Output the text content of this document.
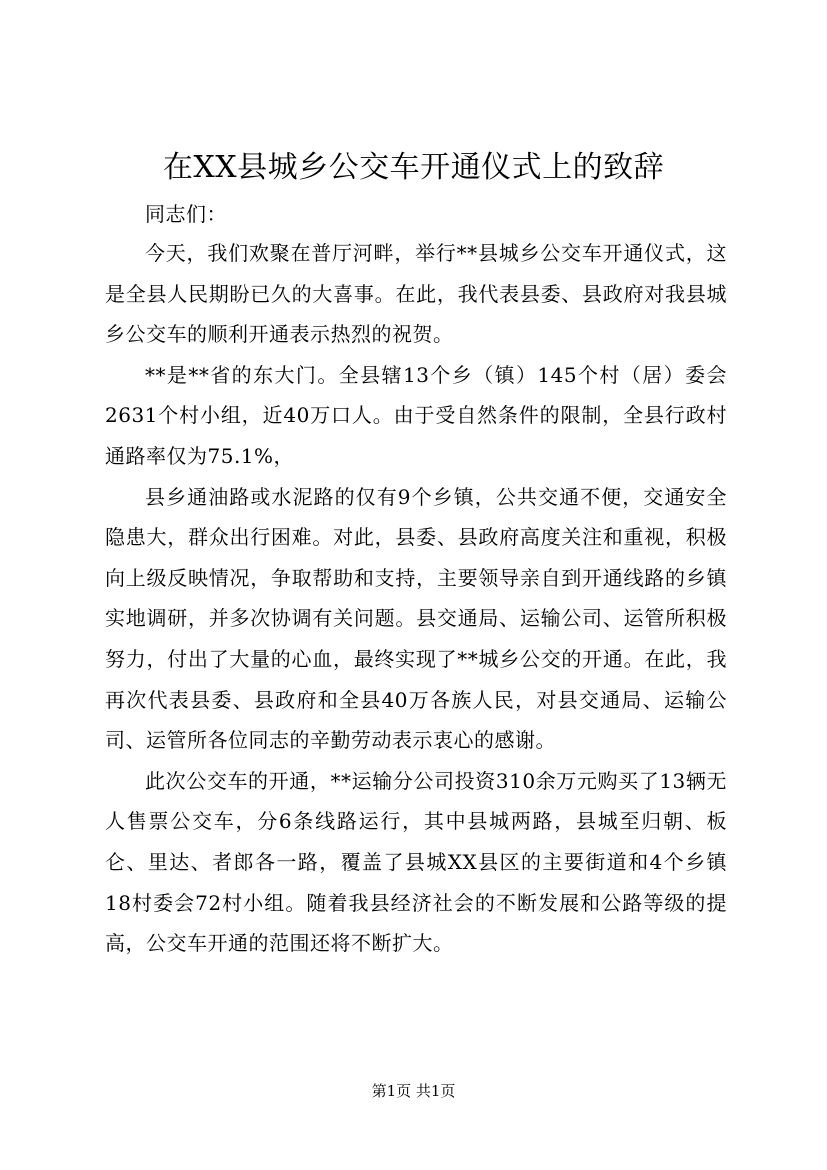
在XX县城乡公交车开通仪式上的致辞
同志们：

今天，我们欢聚在普厅河畔，举行**县城乡公交车开通仪式，这是全县人民期盼已久的大喜事。在此，我代表县委、县政府对我县城乡公交车的顺利开通表示热烈的祝贺。

**是**省的东大门。全县辖13个乡（镇）145个村（居）委会2631个村小组，近40万口人。由于受自然条件的限制，全县行政村通路率仅为75.1%，

县乡通油路或水泥路的仅有9个乡镇，公共交通不便，交通安全隐患大，群众出行困难。对此，县委、县政府高度关注和重视，积极向上级反映情况，争取帮助和支持，主要领导亲自到开通线路的乡镇实地调研，并多次协调有关问题。县交通局、运输公司、运管所积极努力，付出了大量的心血，最终实现了**城乡公交的开通。在此，我再次代表县委、县政府和全县40万各族人民，对县交通局、运输公司、运管所各位同志的辛勤劳动表示衷心的感谢。

此次公交车的开通，**运输分公司投资310余万元购买了13辆无人售票公交车，分6条线路运行，其中县城两路，县城至归朝、板仑、里达、者郎各一路，覆盖了县城XX县区的主要街道和4个乡镇18村委会72村小组。随着我县经济社会的不断发展和公路等级的提高，公交车开通的范围还将不断扩大。

第1页 共1页
